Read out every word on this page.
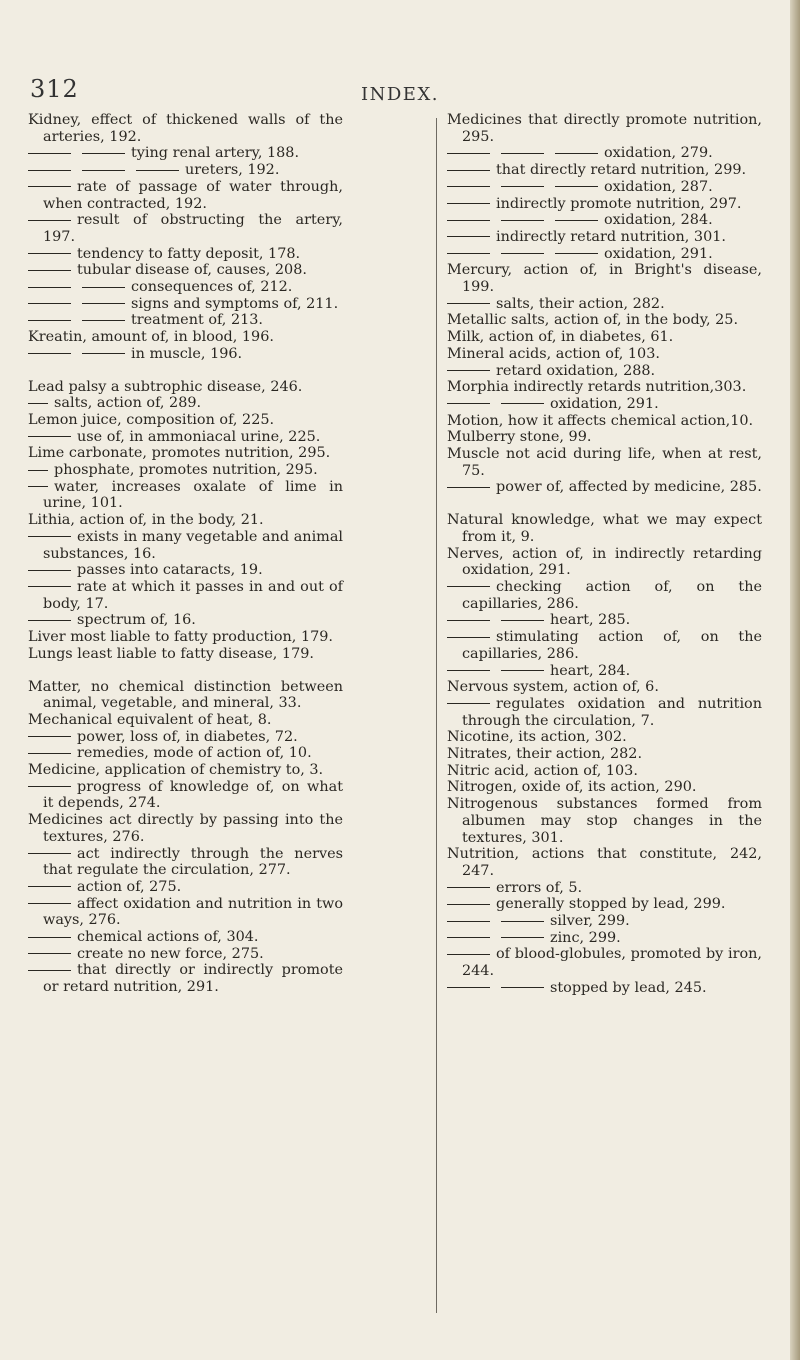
312	INDEX.

Kidney, effect of thickened walls of the arteries, 192.

tying renal artery, 188.

ureters, 192.

rate of passage of water through, when contracted, 192.

result of obstructing the artery, 197.

tendency to fatty deposit, 178.

tubular disease of, causes, 208.

consequences of, 212.

signs and symptoms of, 211.

treatment of, 213.

Kreatin, amount of, in blood, 196.

in muscle, 196.

Lead palsy a subtrophic disease, 246.

salts, action of, 289.

Lemon juice, composition of, 225.

use of, in ammoniacal urine, 225.

Lime carbonate, promotes nutrition, 295.

phosphate, promotes nutrition, 295.

water, increases oxalate of lime in urine, 101.

Lithia, action of, in the body, 21.

exists in many vegetable and animal substances, 16.

passes into cataracts, 19.

rate at which it passes in and out of body, 17.

spectrum of, 16.

Liver most liable to fatty production, 179.

Lungs least liable to fatty disease, 179.

Matter, no chemical distinction between animal, vegetable, and mineral, 33.

Mechanical equivalent of heat, 8.

power, loss of, in diabetes, 72.

remedies, mode of action of, 10.

Medicine, application of chemistry to, 3.

progress of knowledge of, on what it depends, 274.

Medicines act directly by passing into the textures, 276.

act indirectly through the nerves that regulate the circulation, 277.

action of, 275.

affect oxidation and nutrition in two ways, 276.

chemical actions of, 304.

create no new force, 275.

that directly or indirectly promote or retard nutrition, 291.

Medicines that directly promote nutrition, 295.

oxidation, 279.

that directly retard nutrition, 299.

oxidation, 287.

indirectly promote nutrition, 297.

oxidation, 284.

indirectly retard nutrition, 301.

oxidation, 291.

Mercury, action of, in Bright's disease, 199.

salts, their action, 282.

Metallic salts, action of, in the body, 25.

Milk, action of, in diabetes, 61.

Mineral acids, action of, 103.

retard oxidation, 288.

Morphia indirectly retards nutrition,303.

oxidation, 291.

Motion, how it affects chemical action,10.

Mulberry stone, 99.

Muscle not acid during life, when at rest, 75.

power of, affected by medicine, 285.

Natural knowledge, what we may expect from it, 9.

Nerves, action of, in indirectly retarding oxidation, 291.

checking action of, on the capillaries, 286.

heart, 285.

stimulating action of, on the capillaries, 286.

heart, 284.

Nervous system, action of, 6.

regulates oxidation and nutrition through the circulation, 7.

Nicotine, its action, 302.

Nitrates, their action, 282.

Nitric acid, action of, 103.

Nitrogen, oxide of, its action, 290.

Nitrogenous substances formed from albumen may stop changes in the textures, 301.

Nutrition, actions that constitute, 242, 247.

errors of, 5.

generally stopped by lead, 299.

silver, 299.

zinc, 299.

of blood-globules, promoted by iron, 244.

stopped by lead, 245.
